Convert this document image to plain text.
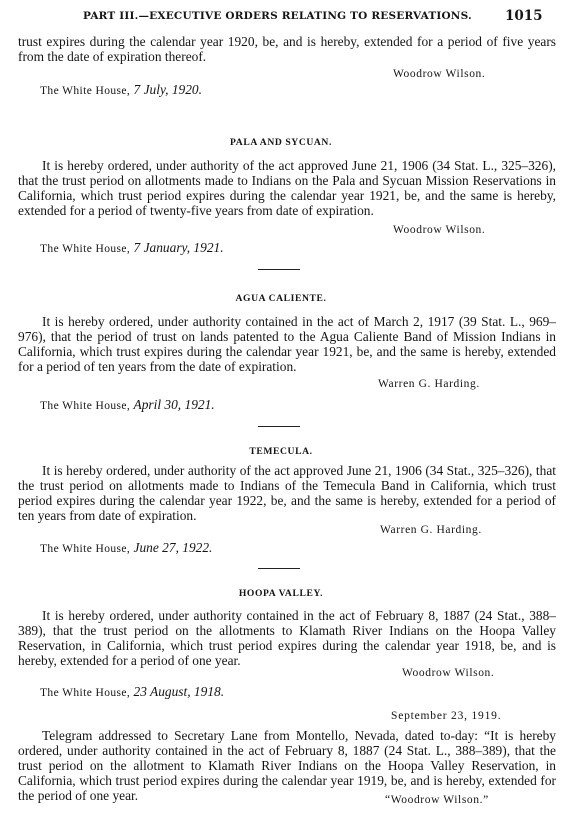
PART III.—EXECUTIVE ORDERS RELATING TO RESERVATIONS. 1015

trust expires during the calendar year 1920, be, and is hereby, extended for a period of five years from the date of expiration thereof.

Woodrow Wilson.
The White House, 7 July, 1920.
PALA AND SYCUAN.

It is hereby ordered, under authority of the act approved June 21, 1906 (34 Stat. L., 325–326), that the trust period on allotments made to Indians on the Pala and Sycuan Mission Reservations in California, which trust period expires during the calendar year 1921, be, and the same is hereby, extended for a period of twenty-five years from date of expiration.

Woodrow Wilson.
The White House, 7 January, 1921.
AGUA CALIENTE.

It is hereby ordered, under authority contained in the act of March 2, 1917 (39 Stat. L., 969–976), that the period of trust on lands patented to the Agua Caliente Band of Mission Indians in California, which trust expires during the calendar year 1921, be, and the same is hereby, extended for a period of ten years from the date of expiration.

Warren G. Harding.
The White House, April 30, 1921.
TEMECULA.

It is hereby ordered, under authority of the act approved June 21, 1906 (34 Stat., 325–326), that the trust period on allotments made to Indians of the Temecula Band in California, which trust period expires during the calendar year 1922, be, and the same is hereby, extended for a period of ten years from date of expiration.

Warren G. Harding.
The White House, June 27, 1922.
HOOPA VALLEY.

It is hereby ordered, under authority contained in the act of February 8, 1887 (24 Stat., 388–389), that the trust period on the allotments to Klamath River Indians on the Hoopa Valley Reservation, in California, which trust period expires during the calendar year 1918, be, and is hereby, extended for a period of one year.

Woodrow Wilson.
The White House, 23 August, 1918.
September 23, 1919.

Telegram addressed to Secretary Lane from Montello, Nevada, dated to-day: “It is hereby ordered, under authority contained in the act of February 8, 1887 (24 Stat. L., 388–389), that the trust period on the allotment to Klamath River Indians on the Hoopa Valley Reservation, in California, which trust period expires during the calendar year 1919, be, and is hereby, extended for the period of one year.	“Woodrow Wilson.”
